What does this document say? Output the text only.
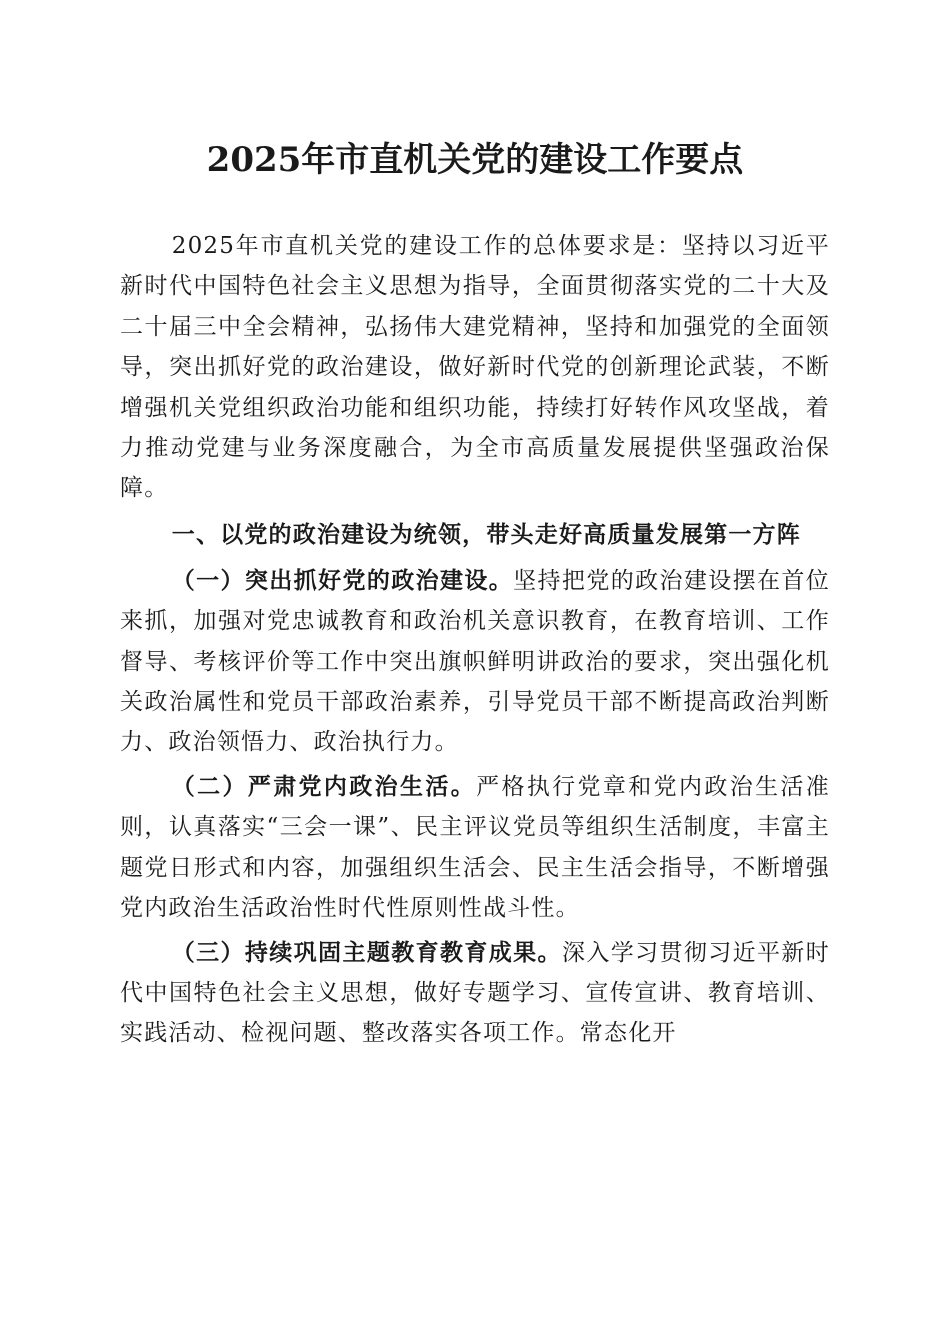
2025年市直机关党的建设工作要点

2025年市直机关党的建设工作的总体要求是：坚持以习近平新时代中国特色社会主义思想为指导，全面贯彻落实党的二十大及二十届三中全会精神，弘扬伟大建党精神，坚持和加强党的全面领导，突出抓好党的政治建设，做好新时代党的创新理论武装，不断增强机关党组织政治功能和组织功能，持续打好转作风攻坚战，着力推动党建与业务深度融合，为全市高质量发展提供坚强政治保障。

一、以党的政治建设为统领，带头走好高质量发展第一方阵

（一）突出抓好党的政治建设。坚持把党的政治建设摆在首位来抓，加强对党忠诚教育和政治机关意识教育，在教育培训、工作督导、考核评价等工作中突出旗帜鲜明讲政治的要求，突出强化机关政治属性和党员干部政治素养，引导党员干部不断提高政治判断力、政治领悟力、政治执行力。

（二）严肃党内政治生活。严格执行党章和党内政治生活准则，认真落实“三会一课”、民主评议党员等组织生活制度，丰富主题党日形式和内容，加强组织生活会、民主生活会指导，不断增强党内政治生活政治性时代性原则性战斗性。

（三）持续巩固主题教育教育成果。深入学习贯彻习近平新时代中国特色社会主义思想，做好专题学习、宣传宣讲、教育培训、实践活动、检视问题、整改落实各项工作。常态化开
